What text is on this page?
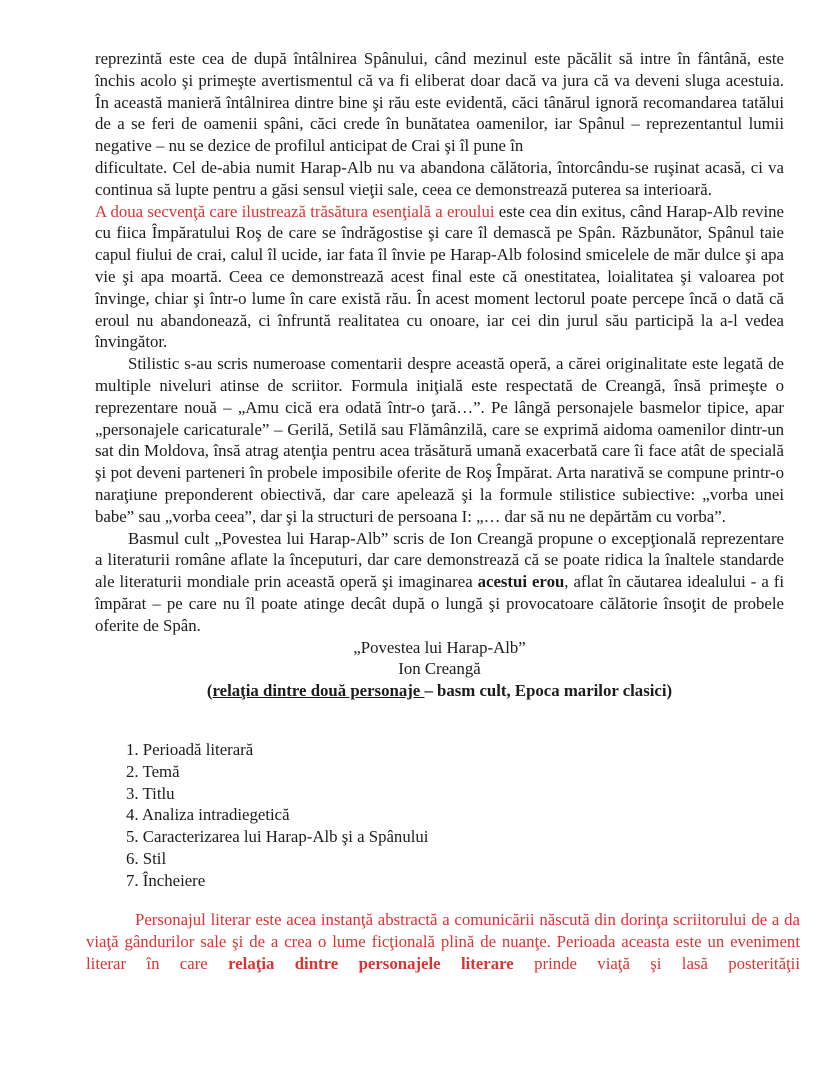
reprezintă este cea de după întâlnirea Spânului, când mezinul este păcălit să intre în fântână, este închis acolo şi primeşte avertismentul că va fi eliberat doar dacă va jura că va deveni sluga acestuia. În această manieră întâlnirea dintre bine şi rău este evidentă, căci tânărul ignoră recomandarea tatălui de a se feri de oamenii spâni, căci crede în bunătatea oamenilor, iar Spânul – reprezentantul lumii negative – nu se dezice de profilul anticipat de Crai şi îl pune în

dificultate. Cel de-abia numit Harap-Alb nu va abandona călătoria, întorcându-se ruşinat acasă, ci va continua să lupte pentru a găsi sensul vieţii sale, ceea ce demonstrează puterea sa interioară.

A doua secvenţă care ilustrează trăsătura esenţială a eroului este cea din exitus, când Harap-Alb revine cu fiica Împăratului Roş de care se îndrăgostise şi care îl demască pe Spân. Răzbunător, Spânul taie capul fiului de crai, calul îl ucide, iar fata îl învie pe Harap-Alb folosind smicelele de măr dulce şi apa vie şi apa moartă. Ceea ce demonstrează acest final este că onestitatea, loialitatea şi valoarea pot învinge, chiar şi într-o lume în care există rău. În acest moment lectorul poate percepe încă o dată că eroul nu abandonează, ci înfruntă realitatea cu onoare, iar cei din jurul său participă la a-l vedea învingător.

Stilistic s-au scris numeroase comentarii despre această operă, a cărei originalitate este legată de multiple niveluri atinse de scriitor. Formula iniţială este respectată de Creangă, însă primeşte o reprezentare nouă – „Amu cică era odată într-o ţară…”. Pe lângă personajele basmelor tipice, apar „personajele caricaturale” – Gerilă, Setilă sau Flămânzilă, care se exprimă aidoma oamenilor dintr-un sat din Moldova, însă atrag atenţia pentru acea trăsătură umană exacerbată care îi face atât de specială şi pot deveni parteneri în probele imposibile oferite de Roş Împărat. Arta narativă se compune printr-o naraţiune preponderent obiectivă, dar care apelează şi la formule stilistice subiective: „vorba unei babe” sau „vorba ceea”, dar şi la structuri de persoana I: „… dar să nu ne depărtăm cu vorba”.

Basmul cult „Povestea lui Harap-Alb” scris de Ion Creangă propune o excepţională reprezentare a literaturii române aflate la începuturi, dar care demonstrează că se poate ridica la înaltele standarde ale literaturii mondiale prin această operă şi imaginarea acestui erou, aflat în căutarea idealului - a fi împărat – pe care nu îl poate atinge decât după o lungă şi provocatoare călătorie însoţit de probele oferite de Spân.

„Povestea lui Harap-Alb”

Ion Creangă

(relaţia dintre două personaje – basm cult, Epoca marilor clasici)

1. Perioadă literară
2. Temă
3. Titlu
4. Analiza intradiegetică
5. Caracterizarea lui Harap-Alb şi a Spânului
6. Stil
7. Încheiere

Personajul literar este acea instanţă abstractă a comunicării născută din dorinţa scriitorului de a da viaţă gândurilor sale şi de a crea o lume ficţională plină de nuanţe. Perioada aceasta este un eveniment literar în care relaţia dintre personajele literare prinde viaţă şi lasă posterităţii
